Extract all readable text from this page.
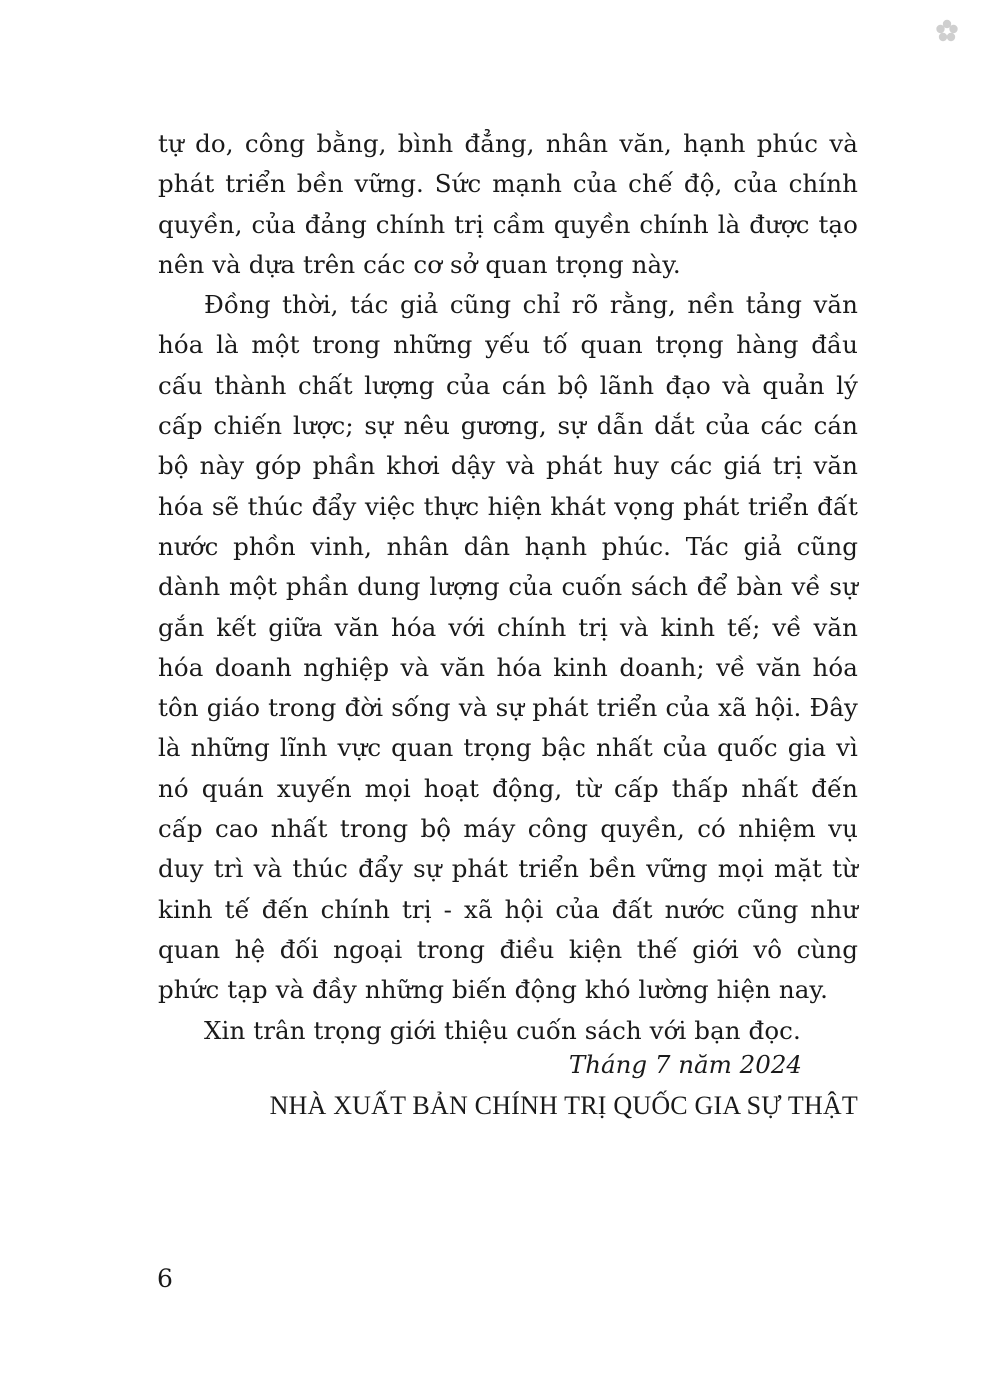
tự do, công bằng, bình đẳng, nhân văn, hạnh phúc và phát triển bền vững. Sức mạnh của chế độ, của chính quyền, của đảng chính trị cầm quyền chính là được tạo nên và dựa trên các cơ sở quan trọng này.

Đồng thời, tác giả cũng chỉ rõ rằng, nền tảng văn hóa là một trong những yếu tố quan trọng hàng đầu cấu thành chất lượng của cán bộ lãnh đạo và quản lý cấp chiến lược; sự nêu gương, sự dẫn dắt của các cán bộ này góp phần khơi dậy và phát huy các giá trị văn hóa sẽ thúc đẩy việc thực hiện khát vọng phát triển đất nước phồn vinh, nhân dân hạnh phúc. Tác giả cũng dành một phần dung lượng của cuốn sách để bàn về sự gắn kết giữa văn hóa với chính trị và kinh tế; về văn hóa doanh nghiệp và văn hóa kinh doanh; về văn hóa tôn giáo trong đời sống và sự phát triển của xã hội. Đây là những lĩnh vực quan trọng bậc nhất của quốc gia vì nó quán xuyến mọi hoạt động, từ cấp thấp nhất đến cấp cao nhất trong bộ máy công quyền, có nhiệm vụ duy trì và thúc đẩy sự phát triển bền vững mọi mặt từ kinh tế đến chính trị - xã hội của đất nước cũng như quan hệ đối ngoại trong điều kiện thế giới vô cùng phức tạp và đầy những biến động khó lường hiện nay.

Xin trân trọng giới thiệu cuốn sách với bạn đọc.

Tháng 7 năm 2024
NHÀ XUẤT BẢN CHÍNH TRỊ QUỐC GIA SỰ THẬT
6
